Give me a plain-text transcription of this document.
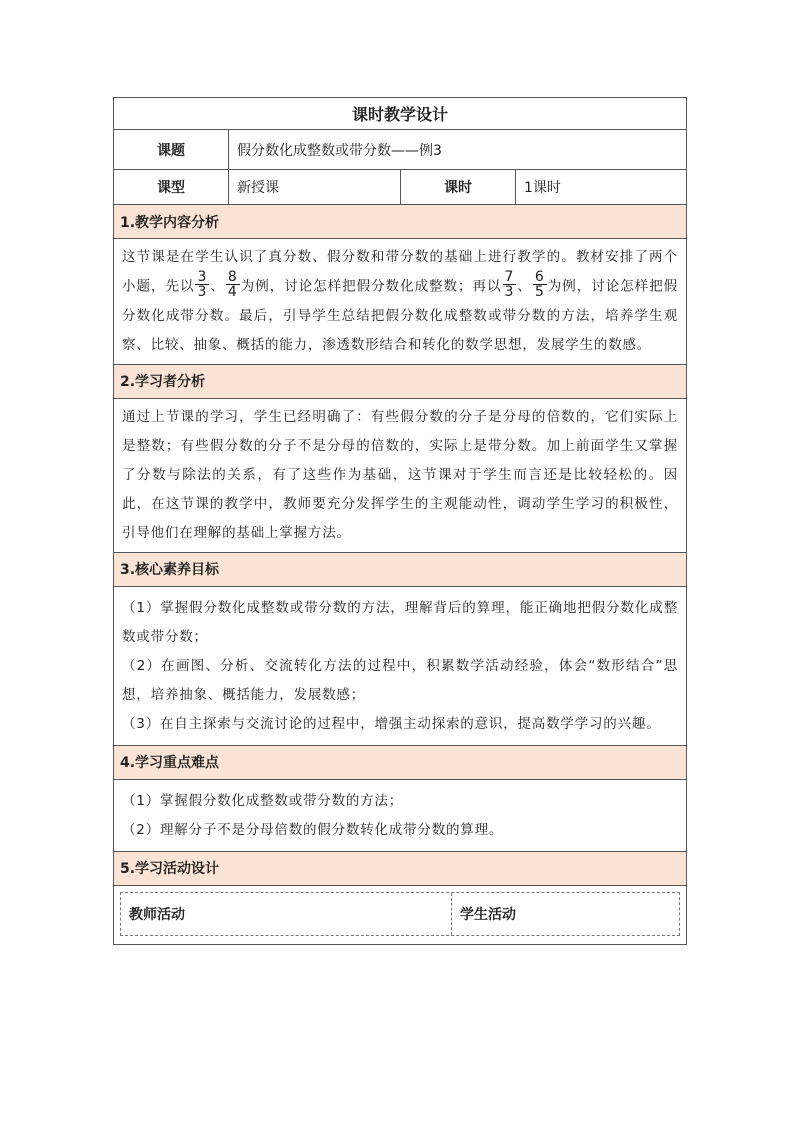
课时教学设计
课题	假分数化成整数或带分数——例3
课型	新授课	课时	1课时
1.教学内容分析

这节课是在学生认识了真分数、假分数和带分数的基础上进行教学的。教材安排了两个小题，先以 $\frac{3}{3}$ 、 $\frac{8}{4}$ 为例，讨论怎样把假分数化成整数；再以 $\frac{7}{3}$ 、 $\frac{6}{5}$ 为例，讨论怎样把假分数化成带分数。最后，引导学生总结把假分数化成整数或带分数的方法，培养学生观察、比较、抽象、概括的能力，渗透数形结合和转化的数学思想，发展学生的数感。

2.学习者分析

通过上节课的学习，学生已经明确了：有些假分数的分子是分母的倍数的，它们实际上是整数；有些假分数的分子不是分母的倍数的，实际上是带分数。加上前面学生又掌握了分数与除法的关系，有了这些作为基础，这节课对于学生而言还是比较轻松的。因此，在这节课的教学中，教师要充分发挥学生的主观能动性，调动学生学习的积极性，引导他们在理解的基础上掌握方法。

3.核心素养目标

（1）掌握假分数化成整数或带分数的方法，理解背后的算理，能正确地把假分数化成整数或带分数；

（2）在画图、分析、交流转化方法的过程中，积累数学活动经验，体会“数形结合”思想，培养抽象、概括能力，发展数感；

（3）在自主探索与交流讨论的过程中，增强主动探索的意识，提高数学学习的兴趣。

4.学习重点难点

（1）掌握假分数化成整数或带分数的方法；

（2）理解分子不是分母倍数的假分数转化成带分数的算理。

5.学习活动设计
教师活动	学生活动
